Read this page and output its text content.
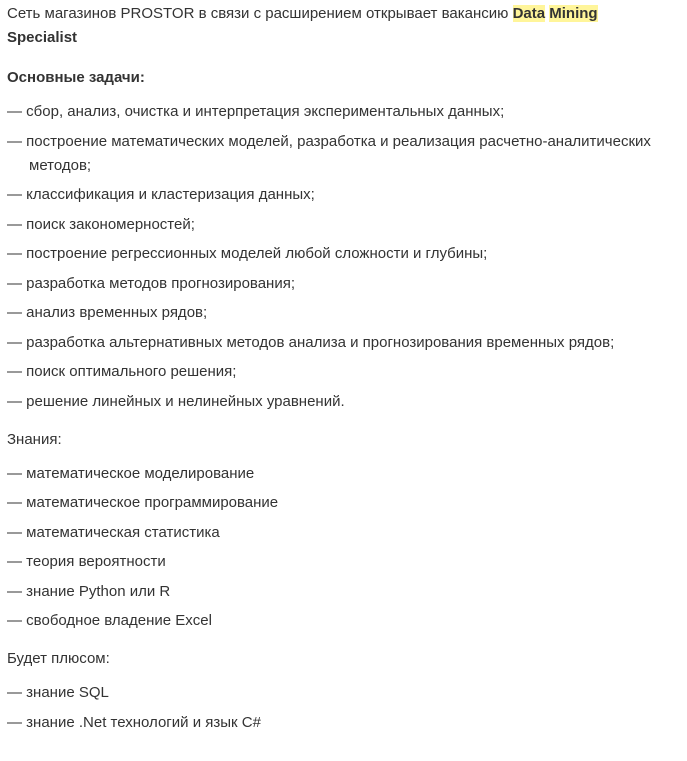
Сеть магазинов PROSTOR в связи с расширением открывает вакансию Data Mining
Specialist

Основные задачи:

— сбор, анализ, очистка и интерпретация экспериментальных данных;
— построение математических моделей, разработка и реализация расчетно-аналитических методов;
— классификация и кластеризация данных;
— поиск закономерностей;
— построение регрессионных моделей любой сложности и глубины;
— разработка методов прогнозирования;
— анализ временных рядов;
— разработка альтернативных методов анализа и прогнозирования временных рядов;
— поиск оптимального решения;
— решение линейных и нелинейных уравнений.

Знания:

— математическое моделирование
— математическое программирование
— математическая статистика
— теория вероятности
— знание Python или R
— свободное владение Excel

Будет плюсом:

— знание SQL
— знание .Net технологий и язык C#
